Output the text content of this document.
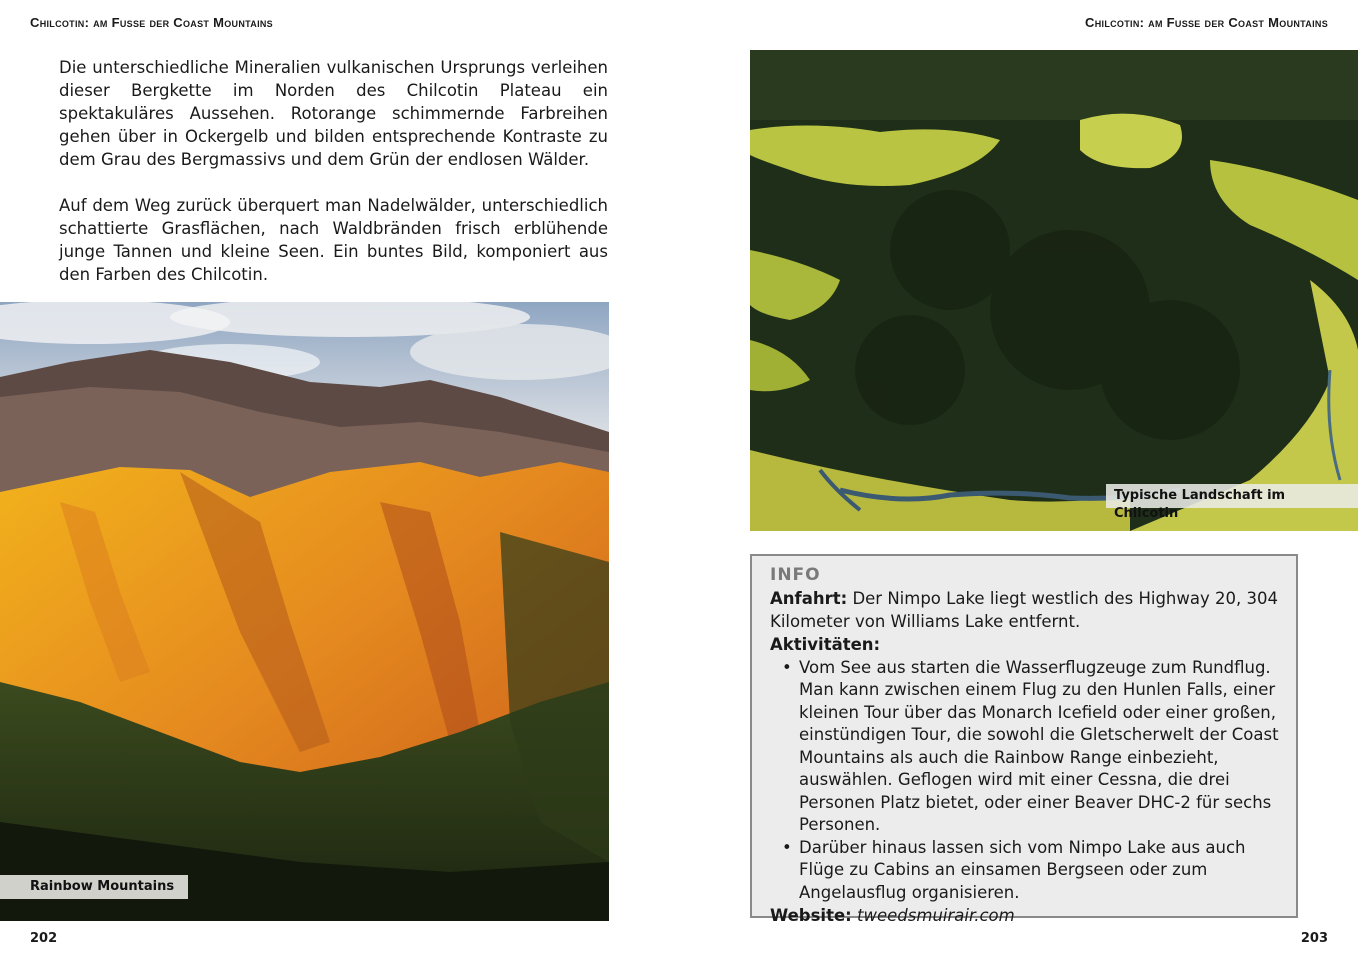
Chilcotin: am Fusse der Coast Mountains	Chilcotin: am Fusse der Coast Mountains

Die unterschiedliche Mineralien vulkanischen Ursprungs verleihen dieser Bergkette im Norden des Chilcotin Plateau ein spektakuläres Aussehen. Rotorange schimmernde Farbreihen gehen über in Ockergelb und bilden entsprechende Kontraste zu dem Grau des Bergmassivs und dem Grün der endlosen Wälder.

Auf dem Weg zurück überquert man Nadelwälder, unterschiedlich schattierte Grasflächen, nach Waldbränden frisch erblühende junge Tannen und kleine Seen. Ein buntes Bild, komponiert aus den Farben des Chilcotin.

Rainbow Mountains
202
Typische Landschaft im Chilcotin
INFO

Anfahrt: Der Nimpo Lake liegt westlich des Highway 20, 304 Kilometer von Williams Lake entfernt.

Aktivitäten:

• Vom See aus starten die Wasserflugzeuge zum Rundflug. Man kann zwischen einem Flug zu den Hunlen Falls, einer kleinen Tour über das Monarch Icefield oder einer großen, einstündigen Tour, die sowohl die Gletscherwelt der Coast Mountains als auch die Rainbow Range einbezieht, auswählen. Geflogen wird mit einer Cessna, die drei Personen Platz bietet, oder einer Beaver DHC-2 für sechs Personen.
• Darüber hinaus lassen sich vom Nimpo Lake aus auch Flüge zu Cabins an einsamen Bergseen oder zum Angelausflug organisieren.

Website: tweedsmuirair.com

203
